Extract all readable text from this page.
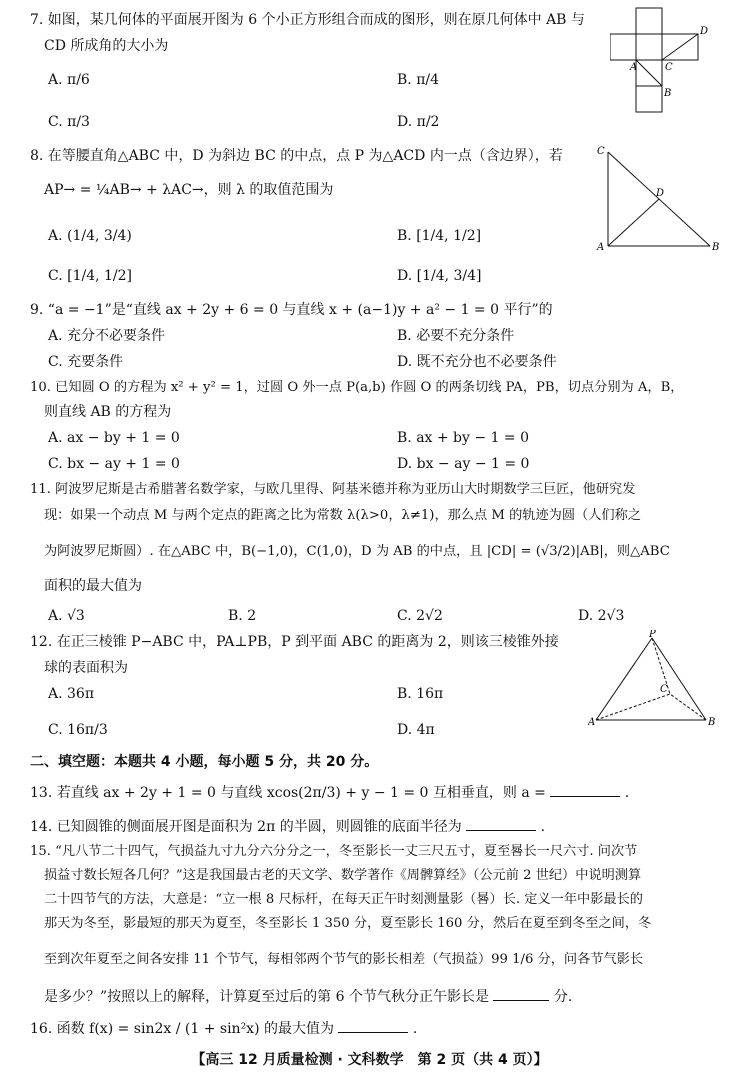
7. 如图，某几何体的平面展开图为 6 个小正方形组合而成的图形，则在原几何体中 AB 与
CD 所成角的大小为
A. π/6	B. π/4
C. π/3	D. π/2
A
B
C
D
8. 在等腰直角△ABC 中，D 为斜边 BC 的中点，点 P 为△ACD 内一点（含边界），若
AP→ = ¼AB→ + λAC→，则 λ 的取值范围为
A. (1/4, 3/4)	B. [1/4, 1/2]
C. [1/4, 1/2]	D. [1/4, 3/4]
C
A	B
D
9. “a = −1”是“直线 ax + 2y + 6 = 0 与直线 x + (a−1)y + a² − 1 = 0 平行”的
A. 充分不必要条件	B. 必要不充分条件
C. 充要条件	D. 既不充分也不必要条件
10. 已知圆 O 的方程为 x² + y² = 1，过圆 O 外一点 P(a,b) 作圆 O 的两条切线 PA，PB，切点分别为 A，B，
则直线 AB 的方程为
A. ax − by + 1 = 0	B. ax + by − 1 = 0
C. bx − ay + 1 = 0	D. bx − ay − 1 = 0
11. 阿波罗尼斯是古希腊著名数学家，与欧几里得、阿基米德并称为亚历山大时期数学三巨匠，他研究发
现：如果一个动点 M 与两个定点的距离之比为常数 λ(λ>0，λ≠1)，那么点 M 的轨迹为圆（人们称之
为阿波罗尼斯圆）. 在△ABC 中，B(−1,0)，C(1,0)，D 为 AB 的中点，且 |CD| = (√3/2)|AB|，则△ABC
面积的最大值为
A. √3	B. 2	C. 2√2	D. 2√3
12. 在正三棱锥 P−ABC 中，PA⊥PB，P 到平面 ABC 的距离为 2，则该三棱锥外接
球的表面积为
A. 36π	B. 16π
C. 16π/3	D. 4π
P
A	B
C
二、填空题：本题共 4 小题，每小题 5 分，共 20 分。
13. 若直线 ax + 2y + 1 = 0 与直线 xcos(2π/3) + y − 1 = 0 互相垂直，则 a =	.
14. 已知圆锥的侧面展开图是面积为 2π 的半圆，则圆锥的底面半径为	.
15. “凡八节二十四气，气损益九寸九分六分分之一，冬至影长一丈三尺五寸，夏至晷长一尺六寸. 问次节
损益寸数长短各几何？”这是我国最古老的天文学、数学著作《周髀算经》（公元前 2 世纪）中说明测算
二十四节气的方法，大意是：“立一根 8 尺标杆，在每天正午时刻测量影（晷）长. 定义一年中影最长的
那天为冬至，影最短的那天为夏至，冬至影长 1 350 分，夏至影长 160 分，然后在夏至到冬至之间，冬
至到次年夏至之间各安排 11 个节气，每相邻两个节气的影长相差（气损益）99 1/6 分，问各节气影长
是多少？”按照以上的解释，计算夏至过后的第 6 个节气秋分正午影长是	分.
16. 函数 f(x) = sin2x / (1 + sin²x) 的最大值为	.
【高三 12 月质量检测 · 文科数学　第 2 页（共 4 页）】
